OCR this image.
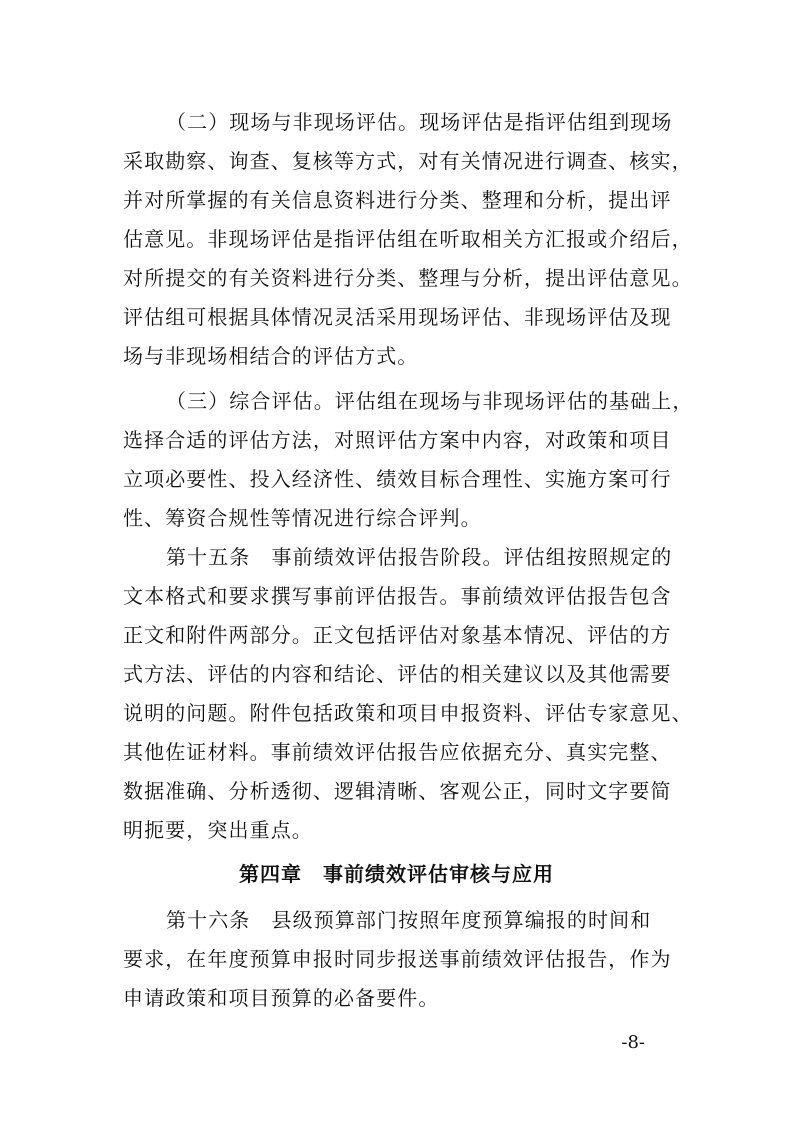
（二）现场与非现场评估。现场评估是指评估组到现场
采取勘察、询查、复核等方式，对有关情况进行调查、核实，
并对所掌握的有关信息资料进行分类、整理和分析，提出评
估意见。非现场评估是指评估组在听取相关方汇报或介绍后，
对所提交的有关资料进行分类、整理与分析，提出评估意见。
评估组可根据具体情况灵活采用现场评估、非现场评估及现
场与非现场相结合的评估方式。
（三）综合评估。评估组在现场与非现场评估的基础上，
选择合适的评估方法，对照评估方案中内容，对政策和项目
立项必要性、投入经济性、绩效目标合理性、实施方案可行
性、筹资合规性等情况进行综合评判。
第十五条　事前绩效评估报告阶段。评估组按照规定的
文本格式和要求撰写事前评估报告。事前绩效评估报告包含
正文和附件两部分。正文包括评估对象基本情况、评估的方
式方法、评估的内容和结论、评估的相关建议以及其他需要
说明的问题。附件包括政策和项目申报资料、评估专家意见、
其他佐证材料。事前绩效评估报告应依据充分、真实完整、
数据准确、分析透彻、逻辑清晰、客观公正，同时文字要简
明扼要，突出重点。
第四章　事前绩效评估审核与应用
第十六条　县级预算部门按照年度预算编报的时间和
要求，在年度预算申报时同步报送事前绩效评估报告，作为
申请政策和项目预算的必备要件。
-8-
